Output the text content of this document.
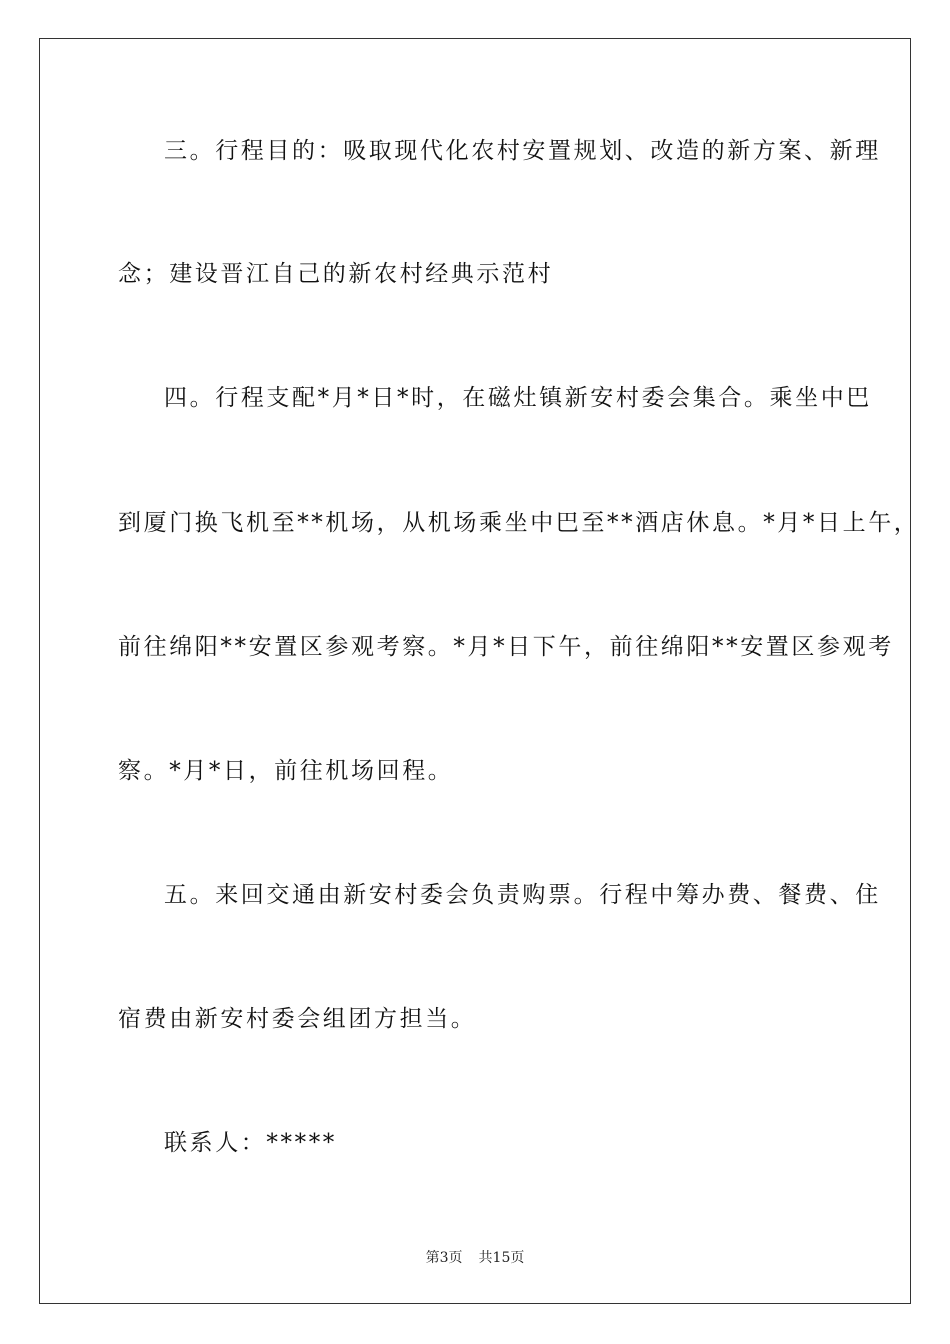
三。行程目的：吸取现代化农村安置规划、改造的新方案、新理
念；建设晋江自己的新农村经典示范村
四。行程支配*月*日*时，在磁灶镇新安村委会集合。乘坐中巴
到厦门换飞机至**机场，从机场乘坐中巴至**酒店休息。*月*日上午，
前往绵阳**安置区参观考察。*月*日下午，前往绵阳**安置区参观考
察。*月*日，前往机场回程。
五。来回交通由新安村委会负责购票。行程中筹办费、餐费、住
宿费由新安村委会组团方担当。
联系人：*****
第3页 共15页
